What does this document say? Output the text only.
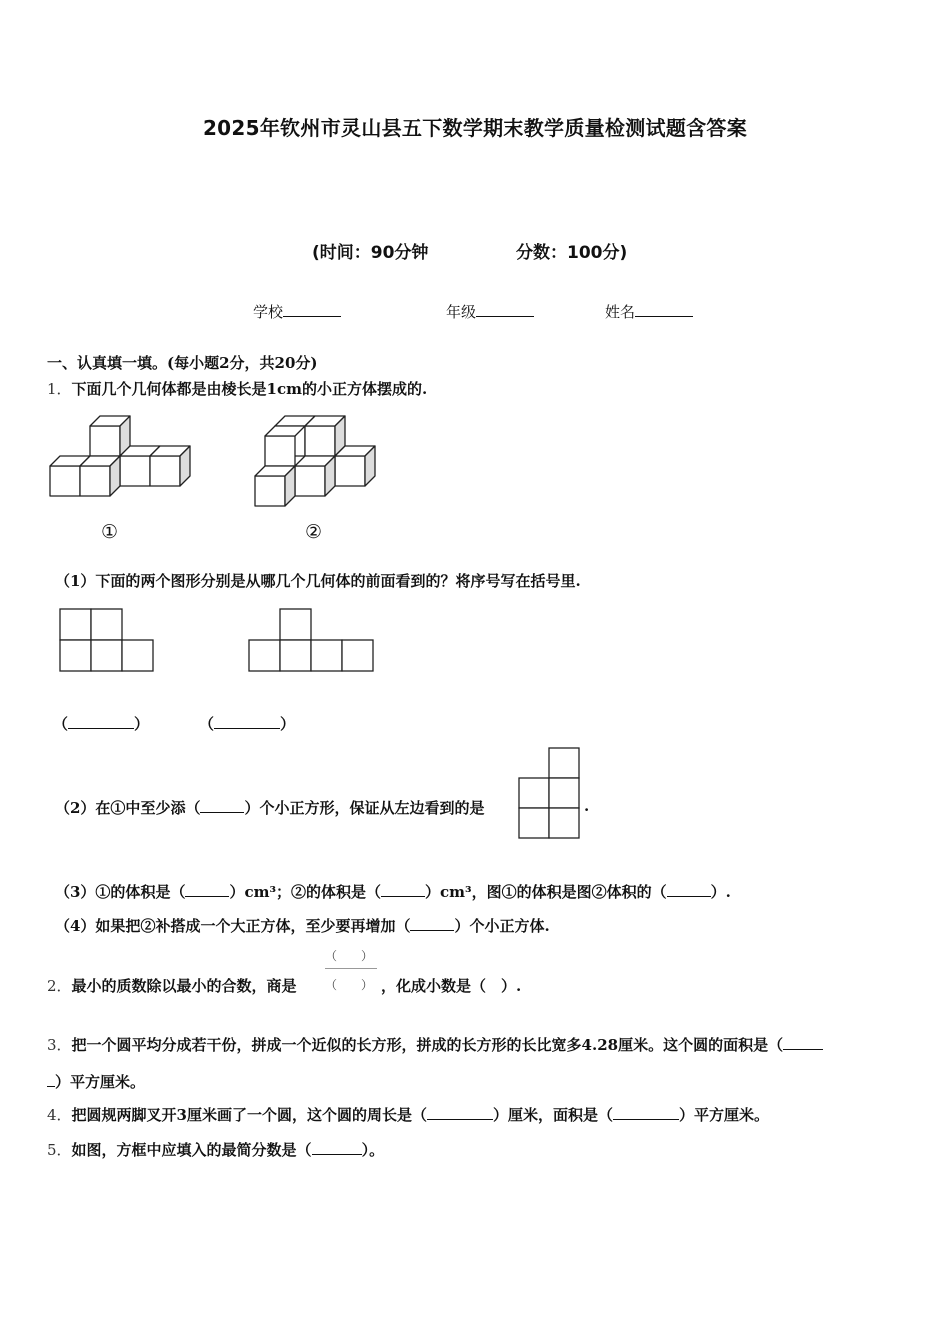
2025年钦州市灵山县五下数学期末教学质量检测试题含答案
(时间：90分钟	分数：100分)
学校	年级	姓名
一、认真填一填。(每小题2分，共20分)
1．下面几个几何体都是由棱长是1cm的小正方体摆成的.
①	②
（1）下面的两个图形分别是从哪几个几何体的前面看到的？将序号写在括号里.
（	）	（	）
（2）在①中至少添（	）个小正方形，保证从左边看到的是	.
（3）①的体积是（	）cm³；②的体积是（	）cm³，图①的体积是图②体积的（	）.
（4）如果把②补搭成一个大正方体，至少要再增加（	）个小正方体.
2．最小的质数除以最小的合数，商是
（　　）
（　　） ，化成小数是（　）.
3．把一个圆平均分成若干份，拼成一个近似的长方形，拼成的长方形的长比宽多4.28厘米。这个圆的面积是（
）平方厘米。
4．把圆规两脚叉开3厘米画了一个圆，这个圆的周长是（	）厘米，面积是（	）平方厘米。
5．如图，方框中应填入的最简分数是（	）。
